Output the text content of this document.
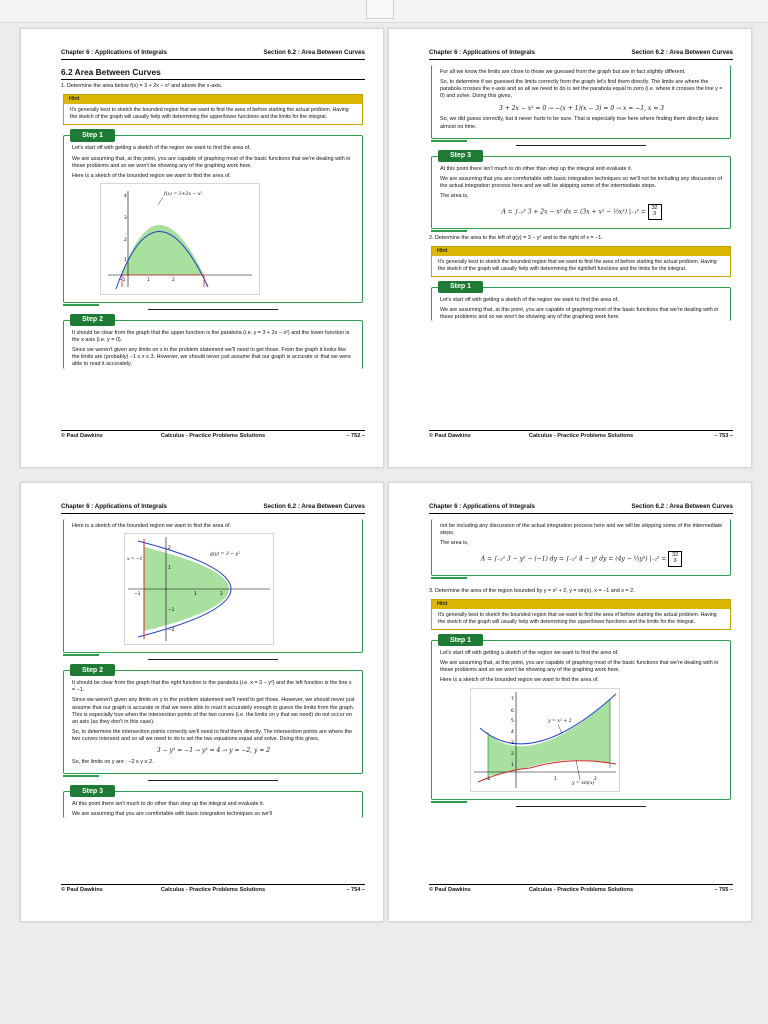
Chapter 6 : Applications of Integrals	Section 6.2 : Area Between Curves
6.2 Area Between Curves
1. Determine the area below f(x) = 3 + 2x − x² and above the x-axis.
Hint
It's generally best to sketch the bounded region that we want to find the area of before starting the actual problem. Having the sketch of the graph will usually help with determining the upper/lower functions and the limits for the integral.
Step 1

Let's start off with getting a sketch of the region we want to find the area of.

We are assuming that, at this point, you are capable of graphing most of the basic functions that we're dealing with in these problems and so we won't be showing any of the graphing work here.

Here is a sketch of the bounded region we want to find the area of.

4
3
2
1
1	2
−1
f(x) = 3+2x − x²
Step 2

It should be clear from the graph that the upper function is the parabola (i.e. y = 3 + 2x − x²) and the lower function is the x-axis (i.e. y = 0).

Since we weren't given any limits on x in the problem statement we'll need to get those. From the graph it looks like the limits are (probably) −1 ≤ x ≤ 3. However, we should never just assume that our graph is accurate or that we were able to read it accurately.

© Paul Dawkins	Calculus - Practice Problems Solutions	– 752 –
Chapter 6 : Applications of Integrals	Section 6.2 : Area Between Curves

For all we know the limits are close to those we guessed from the graph but are in fact slightly different.

So, to determine if we guessed the limits correctly from the graph let's find them directly. The limits are where the parabola crosses the x-axis and so all we need to do is set the parabola equal to zero (i.e. where it crosses the line y = 0) and solve. Doing this gives,

3 + 2x − x² = 0 → −(x + 1)(x − 3) = 0 → x = −1, x = 3

So, we did guess correctly, but it never hurts to be sure. That is especially true here where finding them directly takes almost no time.

Step 3

At this point there isn't much to do other than step up the integral and evaluate it.

We are assuming that you are comfortable with basic integration techniques so we'll not be including any discussion of the actual integration process here and we will be skipping some of the intermediate steps.

The area is,

A = ∫₋₁³ 3 + 2x − x² dx = (3x + x² − ⅓x³) |₋₁³ = 32
3
2. Determine the area to the left of g(y) = 3 − y² and to the right of x = −1.
Hint
It's generally best to sketch the bounded region that we want to find the area of before starting the actual problem. Having the sketch of the graph will usually help with determining the right/left functions and the limits for the integral.
Step 1

Let's start off with getting a sketch of the region we want to find the area of.

We are assuming that, at this point, you are capable of graphing most of the basic functions that we're dealing with in these problems and so we won't be showing any of the graphing work here.

© Paul Dawkins	Calculus - Practice Problems Solutions	– 753 –
Chapter 6 : Applications of Integrals	Section 6.2 : Area Between Curves

Here is a sketch of the bounded region we want to find the area of.

2
1
−1
−2
1	2
−1
g(y) = 3 − y²
x = −1
Step 2

It should be clear from the graph that the right function is the parabola (i.e. x = 3 − y²) and the left function is the line x = −1.

Since we weren't given any limits on y in the problem statement we'll need to get those. However, we should never just assume that our graph is accurate or that we were able to read it accurately enough to guess the limits from the graph. This is especially true when the intersection points of the two curves (i.e. the limits on y that we need) do not occur on an axis (as they don't in this case).

So, to determine the intersection points correctly we'll need to find them directly. The intersection points are where the two curves intersect and so all we need to do is set the two equations equal and solve. Doing this gives,

3 − y² = −1 → y² = 4 → y = −2, y = 2

So, the limits on y are : −2 ≤ y ≤ 2.

Step 3

At this point there isn't much to do other than step up the integral and evaluate it.

We are assuming that you are comfortable with basic integration techniques so we'll

© Paul Dawkins	Calculus - Practice Problems Solutions	– 754 –
Chapter 6 : Applications of Integrals	Section 6.2 : Area Between Curves

not be including any discussion of the actual integration process here and we will be skipping some of the intermediate steps.

The area is,

A = ∫₋₂² 3 − y² − (−1) dy = ∫₋₂² 4 − y² dy = (4y − ⅓y³) |₋₂² = 32
3
3. Determine the area of the region bounded by y = x² + 2, y = sin(x), x = −1 and x = 2.
Hint
It's generally best to sketch the bounded region that we want to find the area of before starting the actual problem. Having the sketch of the graph will usually help with determining the upper/lower functions and the limits for the integral.
Step 1

Let's start off with getting a sketch of the region we want to find the area of.

We are assuming that, at this point, you are capable of graphing most of the basic functions that we're dealing with in these problems and so we won't be showing any of the graphing work here.

Here is a sketch of the bounded region we want to find the area of.

7
6
5
4
3
2
1
−1	1	2
y = x² + 2
y = sin(x)
© Paul Dawkins	Calculus - Practice Problems Solutions	– 755 –
